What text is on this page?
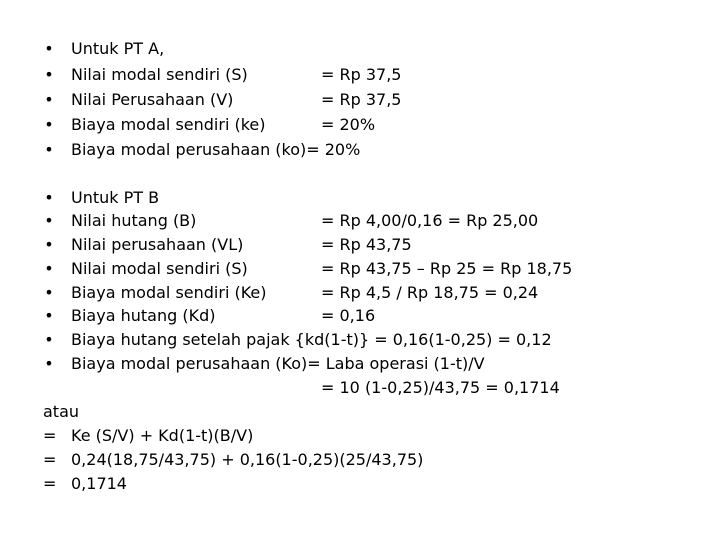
• Untuk PT A,
• Nilai modal sendiri (S)	= Rp 37,5
• Nilai Perusahaan (V)	= Rp 37,5
• Biaya modal sendiri (ke)	= 20%
• Biaya modal perusahaan (ko)= 20%
• Untuk PT B
• Nilai hutang (B)	= Rp 4,00/0,16 = Rp 25,00
• Nilai perusahaan (VL)	= Rp 43,75
• Nilai modal sendiri (S)	= Rp 43,75 – Rp 25 = Rp 18,75
• Biaya modal sendiri (Ke)	= Rp 4,5 / Rp 18,75 = 0,24
• Biaya hutang (Kd)	= 0,16
• Biaya hutang setelah pajak {kd(1-t)} = 0,16(1-0,25) = 0,12
• Biaya modal perusahaan (Ko)= Laba operasi (1-t)/V
= 10 (1-0,25)/43,75 = 0,1714
atau
= Ke (S/V) + Kd(1-t)(B/V)
= 0,24(18,75/43,75) + 0,16(1-0,25)(25/43,75)
= 0,1714
